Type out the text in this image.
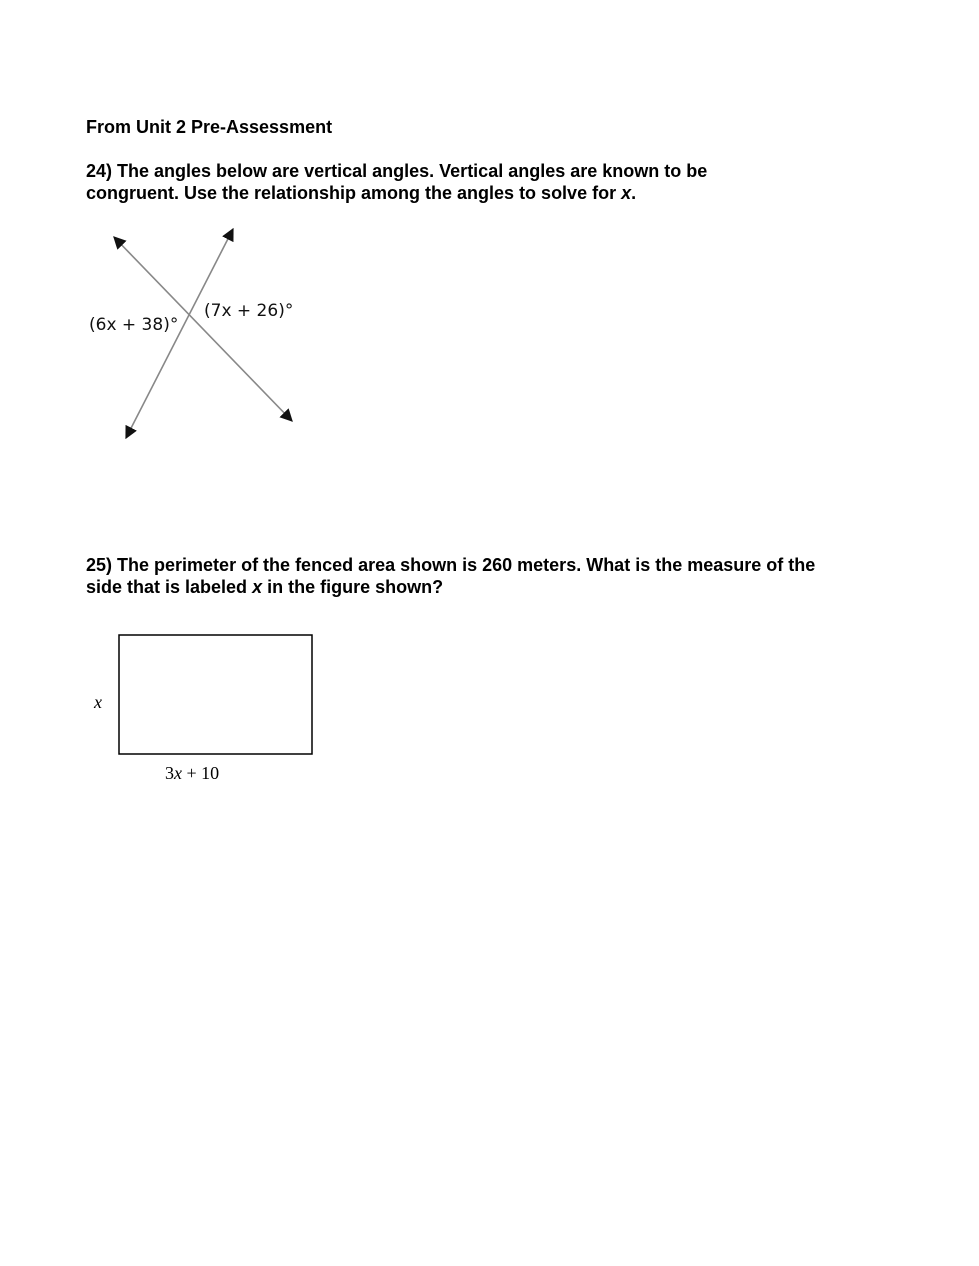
From Unit 2 Pre-Assessment
24) The angles below are vertical angles. Vertical angles are known to be
congruent. Use the relationship among the angles to solve for x.
(6x + 38)°
(7x + 26)°
25) The perimeter of the fenced area shown is 260 meters. What is the measure of the
side that is labeled x in the figure shown?
x
3x + 10
